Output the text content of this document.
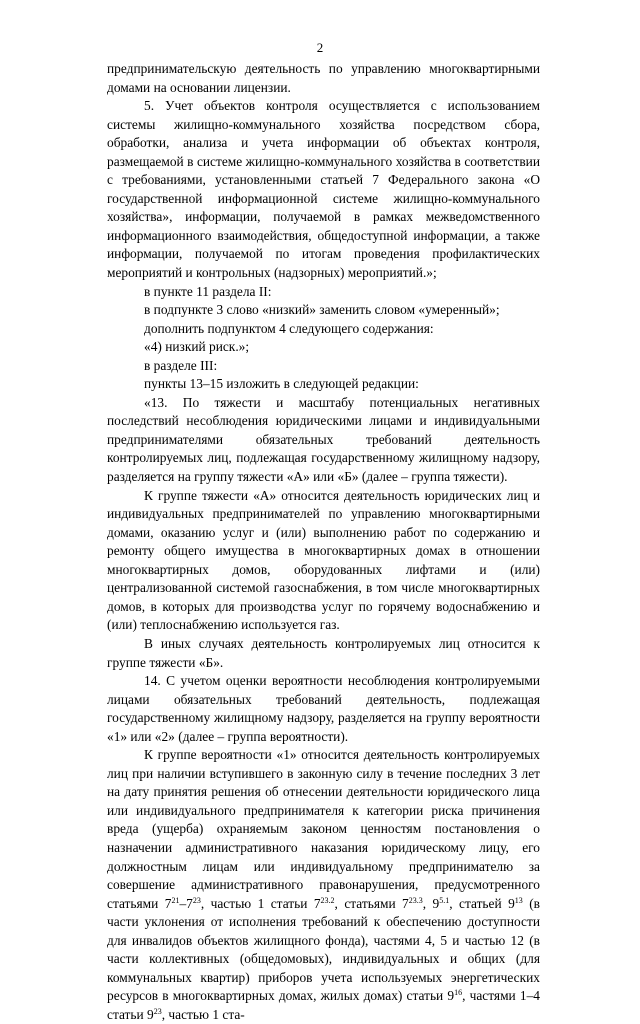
2

предпринимательскую деятельность по управлению многоквартирными домами на основании лицензии.

5. Учет объектов контроля осуществляется с использованием системы жилищно-коммунального хозяйства посредством сбора, обработки, анализа и учета информации об объектах контроля, размещаемой в системе жилищно-коммунального хозяйства в соответствии с требованиями, установленными статьей 7 Федерального закона «О государственной информационной системе жилищно-коммунального хозяйства», информации, получаемой в рамках межведомственного информационного взаимодействия, общедоступной информации, а также информации, получаемой по итогам проведения профилактических мероприятий и контрольных (надзорных) мероприятий.»;

в пункте 11 раздела II:

в подпункте 3 слово «низкий» заменить словом «умеренный»;

дополнить подпунктом 4 следующего содержания:

«4) низкий риск.»;

в разделе III:

пункты 13–15 изложить в следующей редакции:

«13. По тяжести и масштабу потенциальных негативных последствий несоблюдения юридическими лицами и индивидуальными предпринимателями обязательных требований деятельность контролируемых лиц, подлежащая государственному жилищному надзору, разделяется на группу тяжести «А» или «Б» (далее – группа тяжести).

К группе тяжести «А» относится деятельность юридических лиц и индивидуальных предпринимателей по управлению многоквартирными домами, оказанию услуг и (или) выполнению работ по содержанию и ремонту общего имущества в многоквартирных домах в отношении многоквартирных домов, оборудованных лифтами и (или) централизованной системой газоснабжения, в том числе многоквартирных домов, в которых для производства услуг по горячему водоснабжению и (или) теплоснабжению используется газ.

В иных случаях деятельность контролируемых лиц относится к группе тяжести «Б».

14. С учетом оценки вероятности несоблюдения контролируемыми лицами обязательных требований деятельность, подлежащая государственному жилищному надзору, разделяется на группу вероятности «1» или «2» (далее – группа вероятности).

К группе вероятности «1» относится деятельность контролируемых лиц при наличии вступившего в законную силу в течение последних 3 лет на дату принятия решения об отнесении деятельности юридического лица или индивидуального предпринимателя к категории риска причинения вреда (ущерба) охраняемым законом ценностям постановления о назначении административного наказания юридическому лицу, его должностным лицам или индивидуальному предпринимателю за совершение административного правонарушения, предусмотренного статьями $7^{21}-7^{23}$, частью 1 статьи $7^{23.2}$, статьями $7^{23.3}$, $9^{5.1}$, статьей $9^{13}$ (в части уклонения от исполнения требований к обеспечению доступности для инвалидов объектов жилищного фонда), частями 4, 5 и частью 12 (в части коллективных (общедомовых), индивидуальных и общих (для коммунальных квартир) приборов учета используемых энергетических ресурсов в многоквартирных домах, жилых домах) статьи $9^{16}$, частями 1–4 статьи $9^{23}$, частью 1 ста-
